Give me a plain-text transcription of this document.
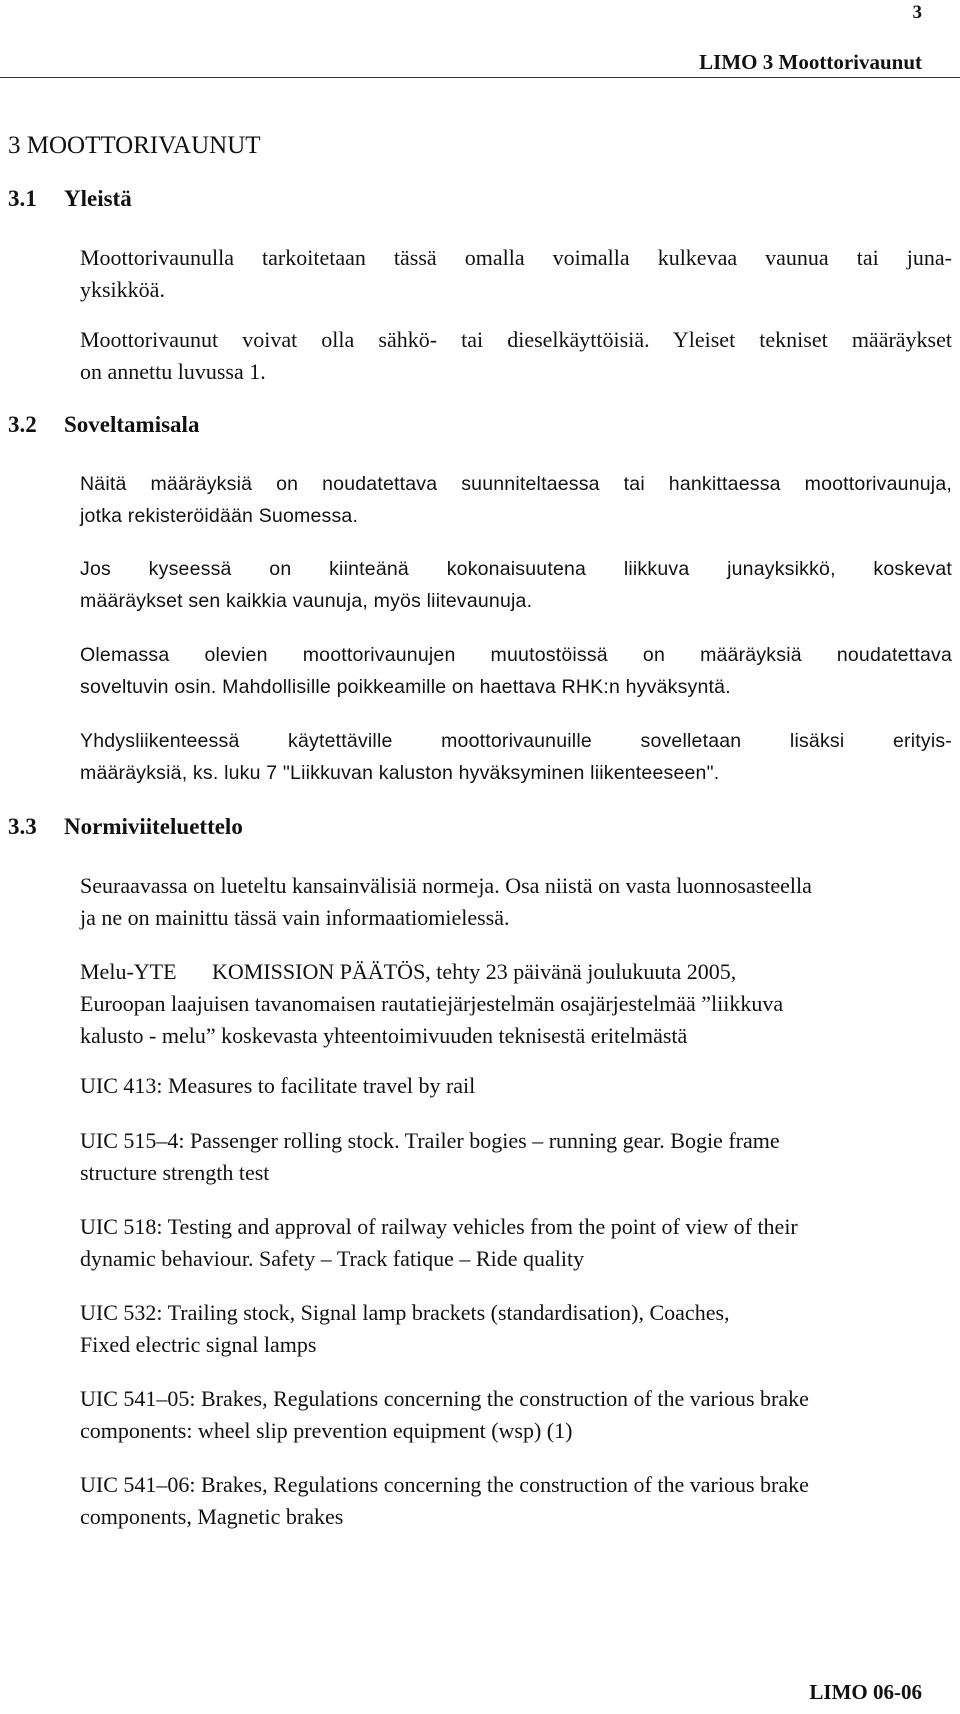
3
LIMO 3 Moottorivaunut
3 MOOTTORIVAUNUT
3.1 Yleistä
Moottorivaunulla tarkoitetaan tässä omalla voimalla kulkevaa vaunua tai juna-
yksikköä.
Moottorivaunut voivat olla sähkö- tai dieselkäyttöisiä. Yleiset tekniset määräykset
on annettu luvussa 1.
3.2 Soveltamisala
Näitä määräyksiä on noudatettava suunniteltaessa tai hankittaessa moottorivaunuja,
jotka rekisteröidään Suomessa.
Jos kyseessä on kiinteänä kokonaisuutena liikkuva junayksikkö, koskevat
määräykset sen kaikkia vaunuja, myös liitevaunuja.
Olemassa olevien moottorivaunujen muutostöissä on määräyksiä noudatettava
soveltuvin osin. Mahdollisille poikkeamille on haettava RHK:n hyväksyntä.
Yhdysliikenteessä käytettäville moottorivaunuille sovelletaan lisäksi erityis-
määräyksiä, ks. luku 7 "Liikkuvan kaluston hyväksyminen liikenteeseen".
3.3 Normiviiteluettelo
Seuraavassa on lueteltu kansainvälisiä normeja. Osa niistä on vasta luonnosasteella
ja ne on mainittu tässä vain informaatiomielessä.
Melu-YTE KOMISSION PÄÄTÖS, tehty 23 päivänä joulukuuta 2005,
Euroopan laajuisen tavanomaisen rautatiejärjestelmän osajärjestelmää ”liikkuva
kalusto - melu” koskevasta yhteentoimivuuden teknisestä eritelmästä
UIC 413: Measures to facilitate travel by rail
UIC 515–4: Passenger rolling stock. Trailer bogies – running gear. Bogie frame
structure strength test
UIC 518: Testing and approval of railway vehicles from the point of view of their
dynamic behaviour. Safety – Track fatique – Ride quality
UIC 532: Trailing stock, Signal lamp brackets (standardisation), Coaches,
Fixed electric signal lamps
UIC 541–05: Brakes, Regulations concerning the construction of the various brake
components: wheel slip prevention equipment (wsp) (1)
UIC 541–06: Brakes, Regulations concerning the construction of the various brake
components, Magnetic brakes
LIMO 06-06
